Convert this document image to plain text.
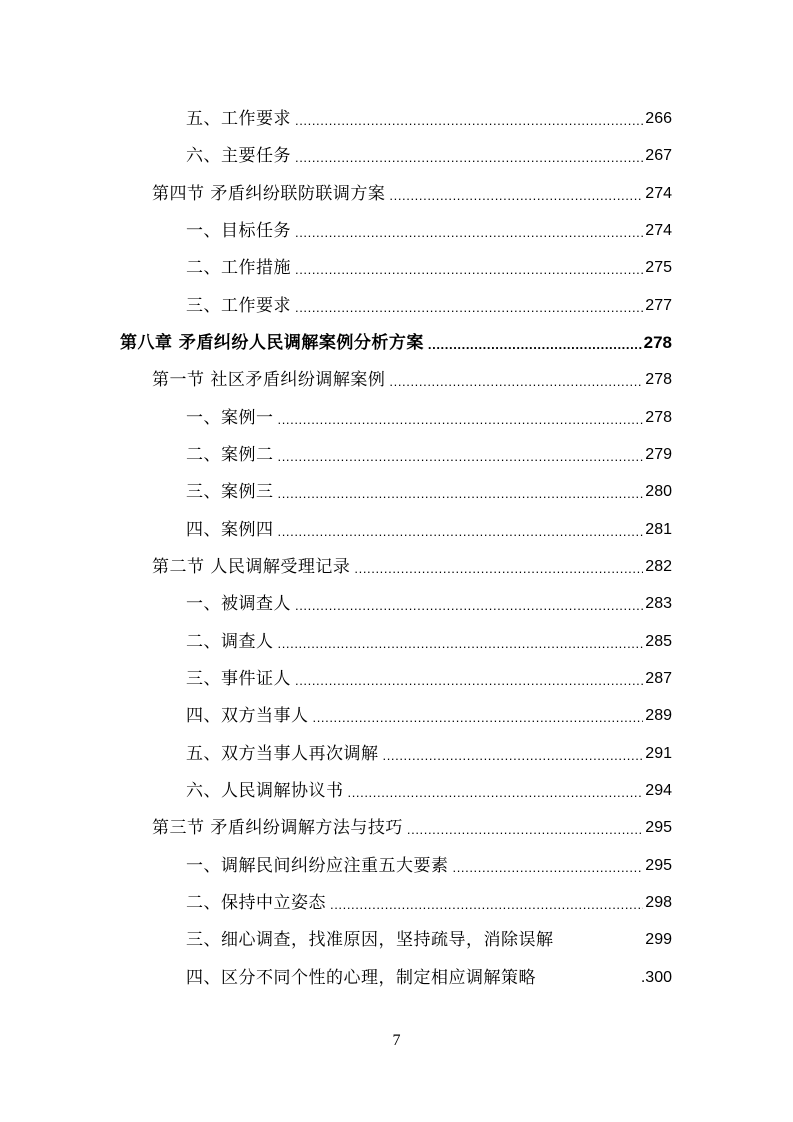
五、工作要求 .....	266
六、主要任务 .....	267
第四节 矛盾纠纷联防联调方案 .....	274
一、目标任务 .....	274
二、工作措施 .....	275
三、工作要求 .....	277
第八章 矛盾纠纷人民调解案例分析方案 .....	278
第一节 社区矛盾纠纷调解案例 .....	278
一、案例一 .....	278
二、案例二 .....	279
三、案例三 .....	280
四、案例四 .....	281
第二节 人民调解受理记录 .....	282
一、被调查人 .....	283
二、调查人 .....	285
三、事件证人 .....	287
四、双方当事人 .....	289
五、双方当事人再次调解 .....	291
六、人民调解协议书 .....	294
第三节 矛盾纠纷调解方法与技巧 .....	295
一、调解民间纠纷应注重五大要素 .....	295
二、保持中立姿态 .....	298
三、细心调查，找准原因，坚持疏导，消除误解	299
四、区分不同个性的心理，制定相应调解策略	.300
7
